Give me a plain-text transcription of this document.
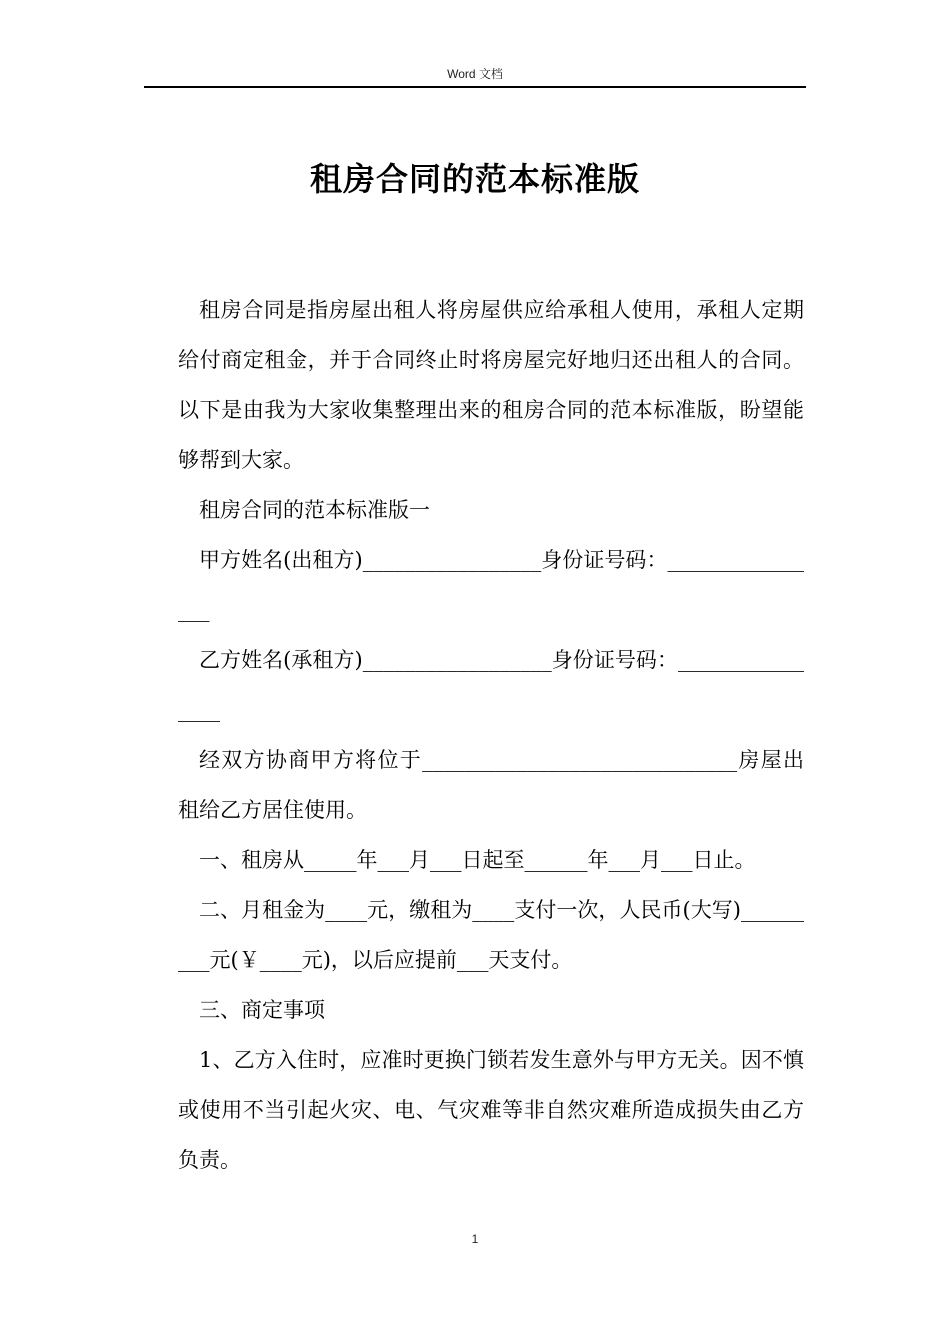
Word 文档
租房合同的范本标准版

租房合同是指房屋出租人将房屋供应给承租人使用，承租人定期给付商定租金，并于合同终止时将房屋完好地归还出租人的合同。以下是由我为大家收集整理出来的租房合同的范本标准版，盼望能够帮到大家。

租房合同的范本标准版一

甲方姓名(出租方)_________________身份证号码：________________

乙方姓名(承租方)__________________身份证号码：________________

经双方协商甲方将位于______________________________房屋出租给乙方居住使用。

一、租房从_____年___月___日起至______年___月___日止。

二、月租金为____元，缴租为____支付一次，人民币(大写)_________元(￥____元)，以后应提前___天支付。

三、商定事项

1、乙方入住时，应准时更换门锁若发生意外与甲方无关。因不慎或使用不当引起火灾、电、气灾难等非自然灾难所造成损失由乙方负责。

1
